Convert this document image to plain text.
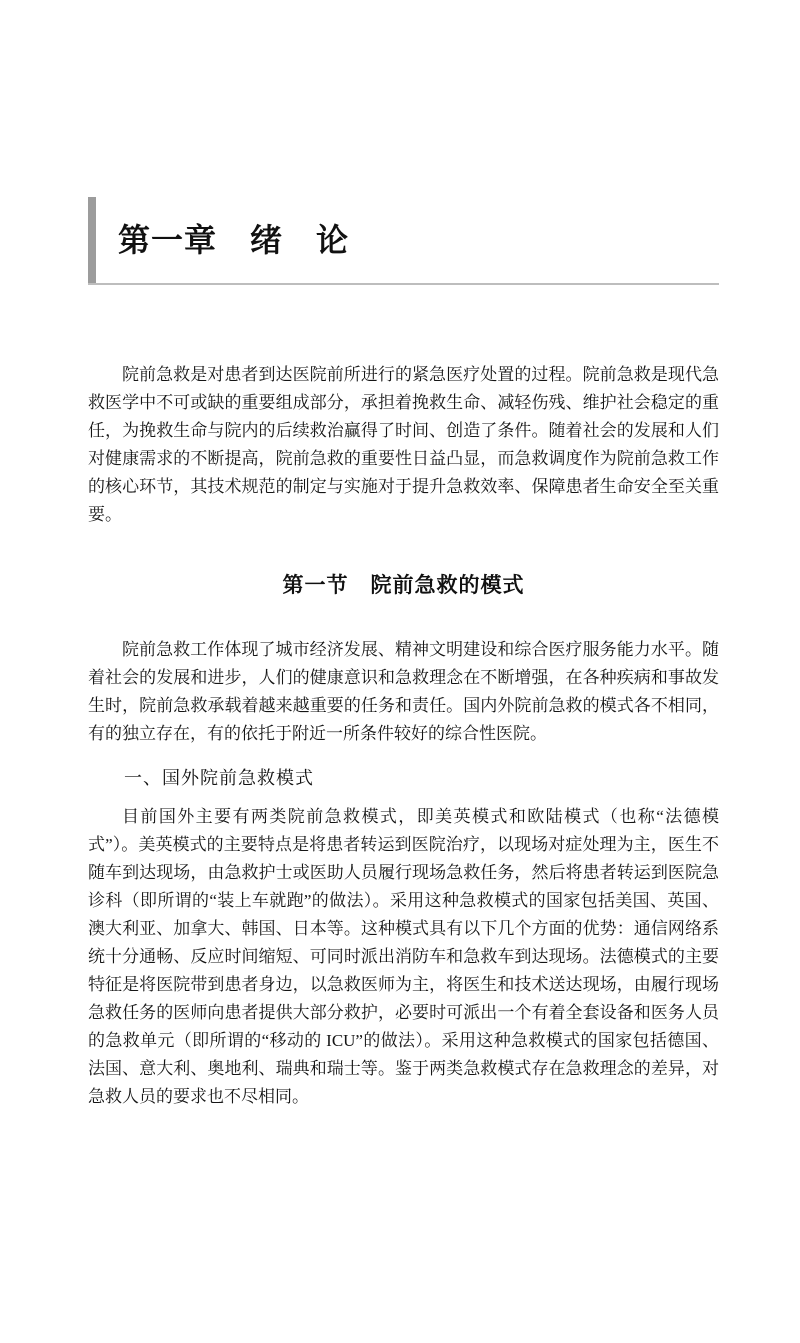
第一章　绪　论

院前急救是对患者到达医院前所进行的紧急医疗处置的过程。院前急救是现代急救医学中不可或缺的重要组成部分，承担着挽救生命、减轻伤残、维护社会稳定的重任，为挽救生命与院内的后续救治赢得了时间、创造了条件。随着社会的发展和人们对健康需求的不断提高，院前急救的重要性日益凸显，而急救调度作为院前急救工作的核心环节，其技术规范的制定与实施对于提升急救效率、保障患者生命安全至关重要。

第一节　院前急救的模式

院前急救工作体现了城市经济发展、精神文明建设和综合医疗服务能力水平。随着社会的发展和进步，人们的健康意识和急救理念在不断增强，在各种疾病和事故发生时，院前急救承载着越来越重要的任务和责任。国内外院前急救的模式各不相同，有的独立存在，有的依托于附近一所条件较好的综合性医院。

一、国外院前急救模式

目前国外主要有两类院前急救模式，即美英模式和欧陆模式（也称“法德模式”）。美英模式的主要特点是将患者转运到医院治疗，以现场对症处理为主，医生不随车到达现场，由急救护士或医助人员履行现场急救任务，然后将患者转运到医院急诊科（即所谓的“装上车就跑”的做法）。采用这种急救模式的国家包括美国、英国、澳大利亚、加拿大、韩国、日本等。这种模式具有以下几个方面的优势：通信网络系统十分通畅、反应时间缩短、可同时派出消防车和急救车到达现场。法德模式的主要特征是将医院带到患者身边，以急救医师为主，将医生和技术送达现场，由履行现场急救任务的医师向患者提供大部分救护，必要时可派出一个有着全套设备和医务人员的急救单元（即所谓的“移动的 ICU”的做法）。采用这种急救模式的国家包括德国、法国、意大利、奥地利、瑞典和瑞士等。鉴于两类急救模式存在急救理念的差异，对急救人员的要求也不尽相同。
